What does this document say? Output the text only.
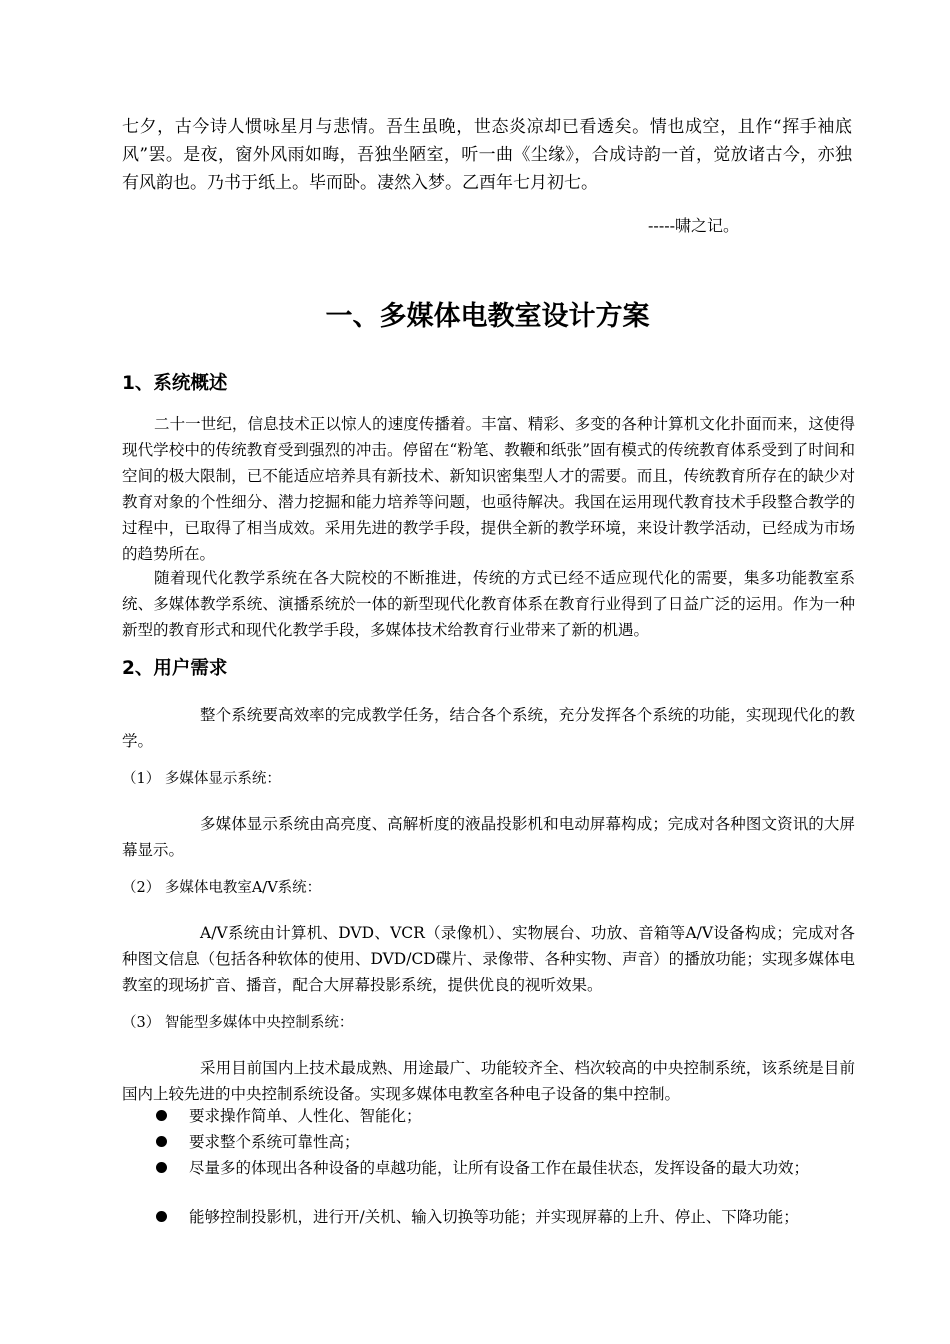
七夕，古今诗人惯咏星月与悲情。吾生虽晚，世态炎凉却已看透矣。情也成空，且作“挥手袖底风”罢。是夜，窗外风雨如晦，吾独坐陋室，听一曲《尘缘》，合成诗韵一首，觉放诸古今，亦独有风韵也。乃书于纸上。毕而卧。凄然入梦。乙酉年七月初七。

-----啸之记。

一、多媒体电教室设计方案
1、系统概述

二十一世纪，信息技术正以惊人的速度传播着。丰富、精彩、多变的各种计算机文化扑面而来，这使得现代学校中的传统教育受到强烈的冲击。停留在“粉笔、教鞭和纸张”固有模式的传统教育体系受到了时间和空间的极大限制，已不能适应培养具有新技术、新知识密集型人才的需要。而且，传统教育所存在的缺少对教育对象的个性细分、潜力挖掘和能力培养等问题，也亟待解决。我国在运用现代教育技术手段整合教学的过程中，已取得了相当成效。采用先进的教学手段，提供全新的教学环境，来设计教学活动，已经成为市场的趋势所在。

随着现代化教学系统在各大院校的不断推进，传统的方式已经不适应现代化的需要，集多功能教室系统、多媒体教学系统、演播系统於一体的新型现代化教育体系在教育行业得到了日益广泛的运用。作为一种新型的教育形式和现代化教学手段，多媒体技术给教育行业带来了新的机遇。

2、用户需求

整个系统要高效率的完成教学任务，结合各个系统，充分发挥各个系统的功能，实现现代化的教学。

（1） 多媒体显示系统：

多媒体显示系统由高亮度、高解析度的液晶投影机和电动屏幕构成；完成对各种图文资讯的大屏幕显示。

（2） 多媒体电教室A/V系统：

A/V系统由计算机、DVD、VCR（录像机）、实物展台、功放、音箱等A/V设备构成；完成对各种图文信息（包括各种软体的使用、DVD/CD碟片、录像带、各种实物、声音）的播放功能；实现多媒体电教室的现场扩音、播音，配合大屏幕投影系统，提供优良的视听效果。

（3） 智能型多媒体中央控制系统：

采用目前国内上技术最成熟、用途最广、功能较齐全、档次较高的中央控制系统，该系统是目前国内上较先进的中央控制系统设备。实现多媒体电教室各种电子设备的集中控制。

要求操作简单、人性化、智能化；

要求整个系统可靠性高；

尽量多的体现出各种设备的卓越功能，让所有设备工作在最佳状态，发挥设备的最大功效；

能够控制投影机，进行开/关机、输入切换等功能；并实现屏幕的上升、停止、下降功能；
